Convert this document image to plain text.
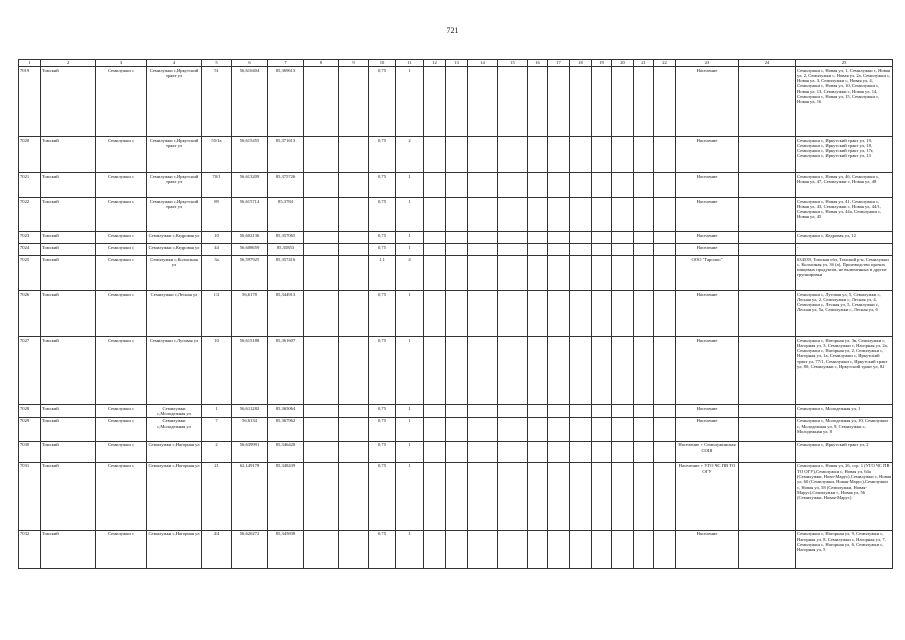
721
1	2	3	4	5	6	7	8	9	10	11	12	13	14	15	16	17	18	19	20	21	22	23	24	25
7019	Томский	Семилужки с	Семилужки с,Иркутский тракт ул	51	56,616404	85,369613			0,75	1												Население		Семилужки с, Новая ул, 1, Семилужки с, Новая ул, 2, Семилужки с, Новая ул, 2а, Семилужки с, Новая ул, 3, Семилужки с, Новая ул, 4, Семилужки с, Новая ул, 10, Семилужки с, Новая ул, 13, Семилужки с, Новая ул, 14, Семилужки с, Новая ул, 15, Семилужки с, Новая ул, 16
7020	Томский	Семилужки с	Семилужки с,Иркутский тракт ул	55/1а	56,615455	85,371613			0,75	2												Население		Семилужки с, Иркутский тракт ул, 19, Семилужки с, Иркутский тракт ул, 18, Семилужки с, Иркутский тракт ул, 17г, Семилужки с, Иркутский тракт ул, 13
7021	Томский	Семилужки с	Семилужки с,Иркутский тракт ул	70/1	56,613209	85,375726			0,75	1												Население		Семилужки с, Новая ул, 46, Семилужки с, Новая ул, 47, Семилужки с, Новая ул, 48
7022	Томский	Семилужки с	Семилужки с,Иркутский тракт ул	89	56,615714	85,3784			0,75	1												Население		Семилужки с, Новая ул, 41, Семилужки с, Новая ул, 43, Семилужки с, Новая ул, 44/1, Семилужки с, Новая ул, 44а, Семилужки с, Новая ул, 45
7023	Томский	Семилужки с	Семилужки с,Кедровая ул	10	56,602136	85,357065			0,75	1												Население		Семилужки с, Кедровая ул, 12
7024	Томский	Семилужки с	Семилужки с,Кедровая ул	44	56,608659	85,35853			0,75	1												Население		-
7025	Томский	Семилужки с	Семилужки с,Колхозная ул	3а	56,597925	85,357416			1,1	4												ООО "Гарсипо"		634539, Томская обл, Томский р-н, Семилужки с, Колхозная ул, 3б (а), Производство прочих пищевых продуктов, не включенных в другие группировки
7026	Томский	Семилужки с	Семилужки с,Лесная ул	1/2	56,6178	85,344913			0,75	1												Население		Семилужки с, Луговая ул, 5, Семилужки с, Лесная ул, 2, Семилужки с, Лесная ул, 4, Семилужки с, Лесная ул, 5, Семилужки с, Лесная ул, 5а, Семилужки с, Лесная ул, 6
7027	Томский	Семилужки с	Семилужки с,Луговая ул	10	56,615188	85,361607			0,75	1												Население		Семилужки с, Нагорная ул, 3в, Семилужки с, Нагорная ул, 3, Семилужки с, Нагорная ул, 2а, Семилужки с, Нагорная ул, 2, Семилужки с, Нагорная ул, 1а, Семилужки с, Иркутский тракт ул, 77/1, Семилужки с, Иркутский тракт ул, 80, Семилужки с, Иркутский тракт ул, 82
7028	Томский	Семилужки с	Семилужки с,Молодежная ул	1	56,611282	85,365064			0,75	1												Население		Семилужки с, Молодежная ул, 1
7029	Томский	Семилужки с	Семилужки с,Молодежная ул	7	56,6134	85,367962			0,75	1												Население		Семилужки с, Молодежная ул, 10, Семилужки с, Молодежная ул, 9, Семилужки с, Молодежная ул, 8
7030	Томский	Семилужки с	Семилужки с,Нагорная ул	2	56,639991	85,346428			0,75	1												Население + Семилужинская СОШ		Семилужки с, Иркутский тракт ул, 2
7031	Томский	Семилужки с	Семилужки с,Нагорная ул	21	62,149178	85,348439			0,75	1												Население + УГО ЧС ПВ ТО ОГУ		Семилужки с, Новая ул, 26, стр. 1 (УГО ЧС ПВ ТО ОГУ),Семилужки с, Новая ул, 64а (Семилужки, Ново-Марус),Семилужки с, Новая ул, 60 (Семилужки, Новая-Марус),Семилужки с, Новая ул, 58 (Семилужки, Новая-Марус),Семилужки с, Новая ул, 56 (Семилужки, Новая-Марус)
7032	Томский	Семилужки с	Семилужки с,Нагорная ул	4/4	56,620272	85,345838			0,75	1												Население		Семилужки с, Нагорная ул, 9, Семилужки с, Нагорная ул, 8, Семилужки с, Нагорная ул, 7, Семилужки с, Нагорная ул, 6, Семилужки с, Нагорная ул, 5
